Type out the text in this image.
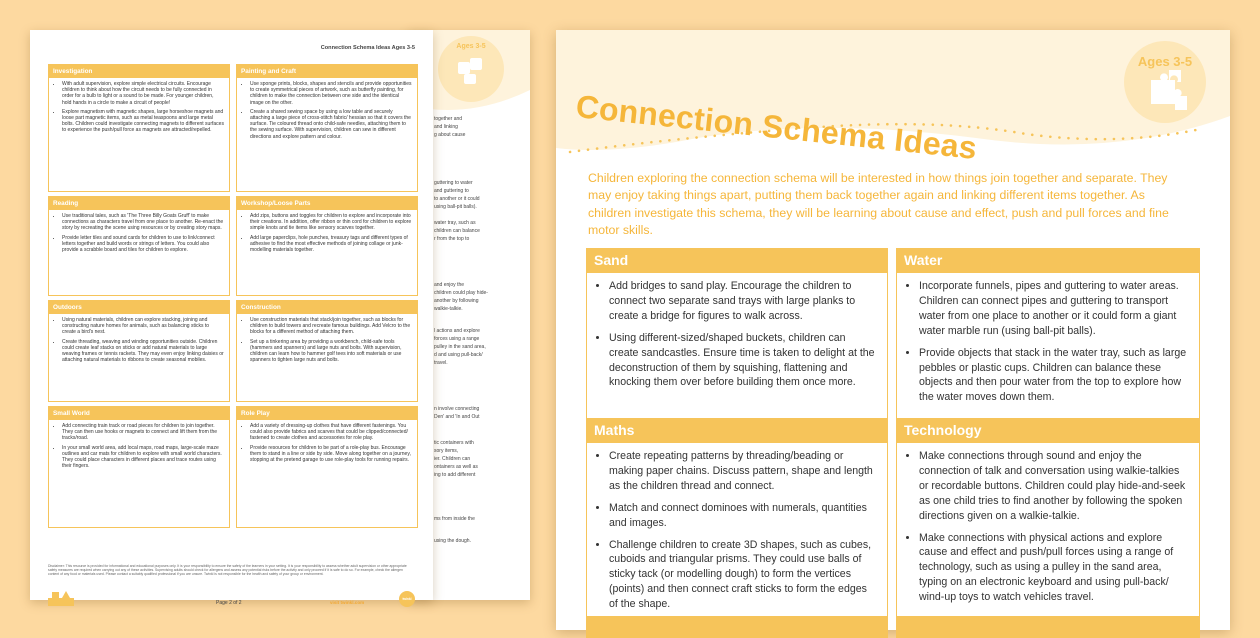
Ages 3-5
together and
and linking
g about cause
guttering to water
and guttering to
to another or it could
using ball-pit balls).
water tray, such as
children can balance
r from the top to
and enjoy the
children could play hide-
another by following
walkie-talkie.
l actions and explore
forces using a range
pulley in the sand area,
d and using pull-back/
travel.
n involve connecting
Den' and 'In and Out
tic containers with
sory items,
ier. Children can
ontainers as well as
ing to add different
ms from inside the
using the dough.
Connection Schema Ideas Ages 3-5
Investigation
• With adult supervision, explore simple electrical circuits. Encourage children to think about how the circuit needs to be fully connected in order for a bulb to light or a sound to be made. For younger children, hold hands in a circle to make a circuit of people!
• Explore magnetism with magnetic shapes, large horseshoe magnets and loose part magnetic items, such as metal teaspoons and large metal bolts. Children could investigate connecting magnets to different surfaces to experience the push/pull force as magnets are attracted/repelled.
Painting and Craft
• Use sponge prints, blocks, shapes and stencils and provide opportunities to create symmetrical pieces of artwork, such as butterfly painting, for children to make the connection between one side and the identical image on the other.
• Create a shared sewing space by using a low table and securely attaching a large piece of cross-stitch fabric/ hessian so that it covers the surface. Tie coloured thread onto child-safe needles, attaching them to the sewing surface. With supervision, children can sew in different directions and explore pattern and colour.
Reading
• Use traditional tales, such as 'The Three Billy Goats Gruff' to make connections as characters travel from one place to another. Re-enact the story by recreating the scene using resources or by creating story maps.
• Provide letter tiles and sound cards for children to use to link/connect letters together and build words or strings of letters. You could also provide a scrabble board and tiles for children to explore.
Workshop/Loose Parts
• Add zips, buttons and toggles for children to explore and incorporate into their creations. In addition, offer ribbon or thin cord for children to explore simple knots and tie items like sensory scarves together.
• Add large paperclips, hole punches, treasury tags and different types of adhesive to find the most effective methods of joining collage or junk-modelling materials together.
Outdoors
• Using natural materials, children can explore stacking, joining and constructing nature homes for animals, such as balancing sticks to create a bird's nest.
• Create threading, weaving and winding opportunities outside. Children could create leaf stacks on sticks or add natural materials to large weaving frames or tennis rackets. They may even enjoy linking daisies or attaching natural materials to ribbons to create seasonal mobiles.
Construction
• Use construction materials that stack/join together, such as blocks for children to build towers and recreate famous buildings. Add Velcro to the blocks for a different method of attaching them.
• Set up a tinkering area by providing a workbench, child-safe tools (hammers and spanners) and large nuts and bolts. With supervision, children can learn how to hammer golf tees into soft materials or use spanners to tighten large nuts and bolts.
Small World
• Add connecting train track or road pieces for children to join together. They can then use hooks or magnets to connect and lift them from the tracks/road.
• In your small world area, add local maps, road maps, large-scale maze outlines and car mats for children to explore with small world characters. They could place characters in different places and trace routes using their fingers.
Role Play
• Add a variety of dressing-up clothes that have different fastenings. You could also provide fabrics and scarves that could be clipped/connected/ fastened to create clothes and accessories for role play.
• Provide resources for children to be part of a role-play bus. Encourage them to stand in a line or side by side. Move along together on a journey, stopping at the pretend garage to use role-play tools for running repairs.
Disclaimer: This resource is provided for informational and educational purposes only. It is your responsibility to ensure the safety of the learners in your setting. It is your responsibility to assess whether adult supervision or other appropriate safety measures are required when carrying out any of these activities. Supervising adults should check for allergens and assess any potential risks before the activity and only proceed if it is safe to do so. For example, check the allergen content of any food or materials used. Please contact a suitably qualified professional if you are unsure. Twinkl is not responsible for the health and safety of your group or environment.
Page 2 of 2	visit twinkl.com
twinkl
Connection Schema Ideas
Ages 3-5
Children exploring the connection schema will be interested in how things join together and separate. They may enjoy taking things apart, putting them back together again and linking different items together. As children investigate this schema, they will be learning about cause and effect, push and pull forces and fine motor skills.
Sand
• Add bridges to sand play. Encourage the children to connect two separate sand trays with large planks to create a bridge for figures to walk across.
• Using different-sized/shaped buckets, children can create sandcastles. Ensure time is taken to delight at the deconstruction of them by squishing, flattening and knocking them over before building them once more.
Water
• Incorporate funnels, pipes and guttering to water areas. Children can connect pipes and guttering to transport water from one place to another or it could form a giant water marble run (using ball-pit balls).
• Provide objects that stack in the water tray, such as large pebbles or plastic cups. Children can balance these objects and then pour water from the top to explore how the water moves down them.
Maths
• Create repeating patterns by threading/beading or making paper chains. Discuss pattern, shape and length as the children thread and connect.
• Match and connect dominoes with numerals, quantities and images.
• Challenge children to create 3D shapes, such as cubes, cuboids and triangular prisms. They could use balls of sticky tack (or modelling dough) to form the vertices (points) and then connect craft sticks to form the edges of the shape.
Technology
• Make connections through sound and enjoy the connection of talk and conversation using walkie-talkies or recordable buttons. Children could play hide-and-seek as one child tries to find another by following the spoken directions given on a walkie-talkie.
• Make connections with physical actions and explore cause and effect and push/pull forces using a range of technology, such as using a pulley in the sand area, typing on an electronic keyboard and using pull-back/ wind-up toys to watch vehicles travel.
